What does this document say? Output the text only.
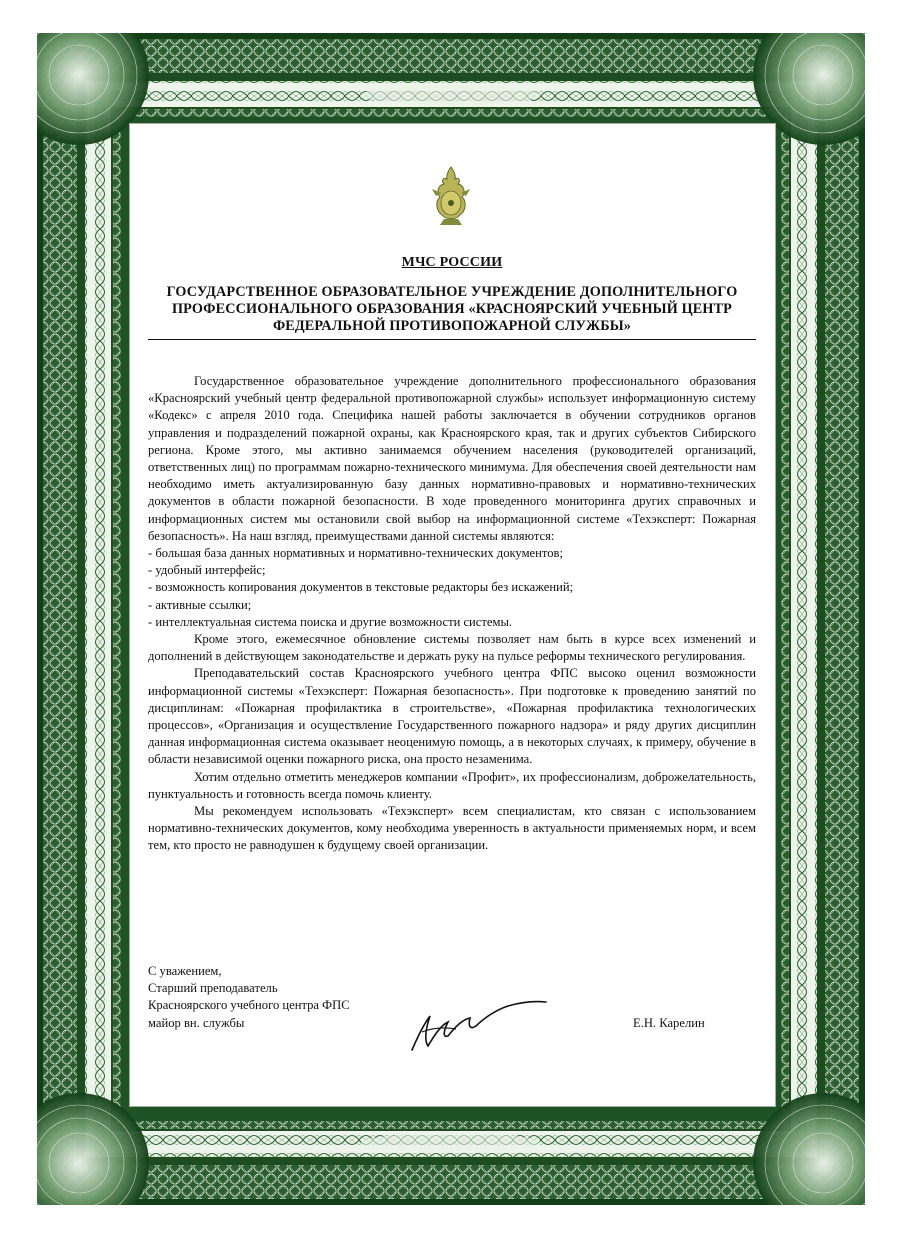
МЧС РОССИИ
ГОСУДАРСТВЕННОЕ ОБРАЗОВАТЕЛЬНОЕ УЧРЕЖДЕНИЕ ДОПОЛНИТЕЛЬНОГО
ПРОФЕССИОНАЛЬНОГО ОБРАЗОВАНИЯ «КРАСНОЯРСКИЙ УЧЕБНЫЙ ЦЕНТР
ФЕДЕРАЛЬНОЙ ПРОТИВОПОЖАРНОЙ СЛУЖБЫ»

Государственное образовательное учреждение дополнительного профессионального образования «Красноярский учебный центр федеральной противопожарной службы» использует информационную систему «Кодекс» с апреля 2010 года. Специфика нашей работы заключается в обучении сотрудников органов управления и подразделений пожарной охраны, как Красноярского края, так и других субъектов Сибирского региона. Кроме этого, мы активно занимаемся обучением населения (руководителей организаций, ответственных лиц) по программам пожарно-технического минимума. Для обеспечения своей деятельности нам необходимо иметь актуализированную базу данных нормативно-правовых и нормативно-технических документов в области пожарной безопасности. В ходе проведенного мониторинга других справочных и информационных систем мы остановили свой выбор на информационной системе «Техэксперт: Пожарная безопасность». На наш взгляд, преимуществами данной системы являются:

- большая база данных нормативных и нормативно-технических документов;
- удобный интерфейс;
- возможность копирования документов в текстовые редакторы без искажений;
- активные ссылки;
- интеллектуальная система поиска и другие возможности системы.

Кроме этого, ежемесячное обновление системы позволяет нам быть в курсе всех изменений и дополнений в действующем законодательстве и держать руку на пульсе реформы технического регулирования.

Преподавательский состав Красноярского учебного центра ФПС высоко оценил возможности информационной системы «Техэксперт: Пожарная безопасность». При подготовке к проведению занятий по дисциплинам: «Пожарная профилактика в строительстве», «Пожарная профилактика технологических процессов», «Организация и осуществление Государственного пожарного надзора» и ряду других дисциплин данная информационная система оказывает неоценимую помощь, а в некоторых случаях, к примеру, обучение в области независимой оценки пожарного риска, она просто незаменима.

Хотим отдельно отметить менеджеров компании «Профит», их профессионализм, доброжелательность, пунктуальность и готовность всегда помочь клиенту.

Мы рекомендуем использовать «Техэксперт» всем специалистам, кто связан с использованием нормативно-технических документов, кому необходима уверенность в актуальности применяемых норм, и всем тем, кто просто не равнодушен к будущему своей организации.

С уважением,
Старший преподаватель
Красноярского учебного центра ФПС
майор вн. службы	Е.Н. Карелин
